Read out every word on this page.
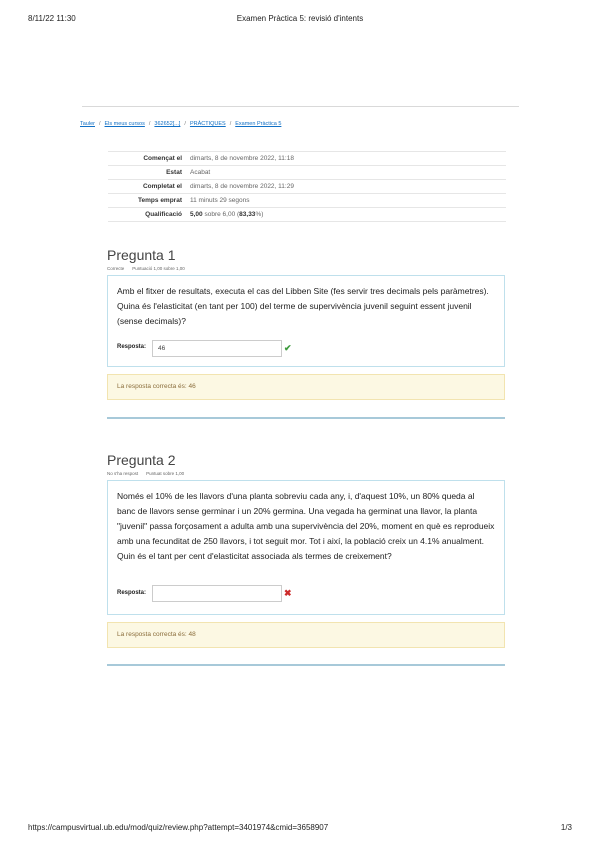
8/11/22 11:30	Examen Pràctica 5: revisió d'intents
Tauler / Els meus cursos / 362652[...] / PRÀCTIQUES / Examen Pràctica 5
Començat el	dimarts, 8 de novembre 2022, 11:18
Estat	Acabat
Completat el	dimarts, 8 de novembre 2022, 11:29
Temps emprat	11 minuts 29 segons
Qualificació	5,00 sobre 6,00 (83,33%)
Pregunta 1
Correcte Puntuació 1,00 sobre 1,00
Amb el fitxer de resultats, executa el cas del Libben Site (fes servir tres decimals pels paràmetres). Quina és l'elasticitat (en tant per 100) del terme de supervivència juvenil seguint essent juvenil (sense decimals)?
Resposta:	46	✔
La resposta correcta és: 46
Pregunta 2
No s'ha respost Puntuat sobre 1,00
Només el 10% de les llavors d'una planta sobreviu cada any, i, d'aquest 10%, un 80% queda al banc de llavors sense germinar i un 20% germina. Una vegada ha germinat una llavor, la planta "juvenil" passa forçosament a adulta amb una supervivència del 20%, moment en què es reprodueix amb una fecunditat de 250 llavors, i tot seguit mor. Tot i així, la població creix un 4.1% anualment. Quin és el tant per cent d'elasticitat associada als termes de creixement?
Resposta:	✖
La resposta correcta és: 48
https://campusvirtual.ub.edu/mod/quiz/review.php?attempt=3401974&cmid=3658907	1/3
